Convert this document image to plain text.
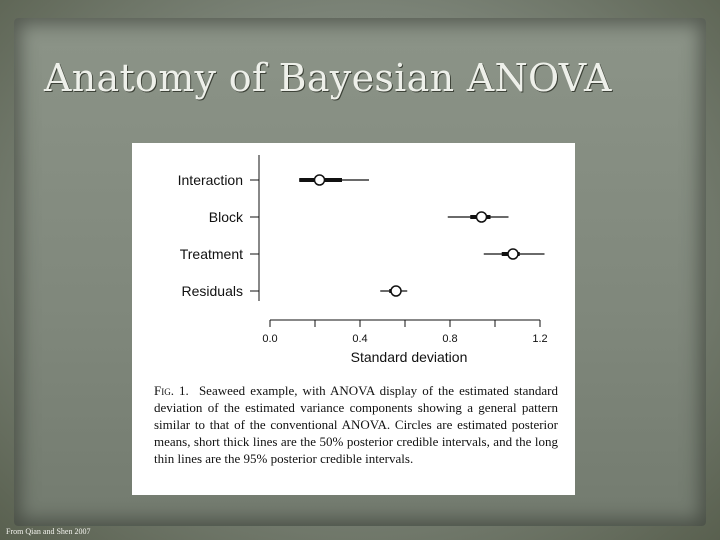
Anatomy of Bayesian ANOVA
Interaction
Block
Treatment
Residuals
0.0	0.4	0.8	1.2
Standard deviation

Fig. 1. Seaweed example, with ANOVA display of the estimated standard deviation of the estimated variance components showing a general pattern similar to that of the conventional ANOVA. Circles are estimated posterior means, short thick lines are the 50% posterior credible intervals, and the long thin lines are the 95% posterior credible intervals.

From Qian and Shen 2007
